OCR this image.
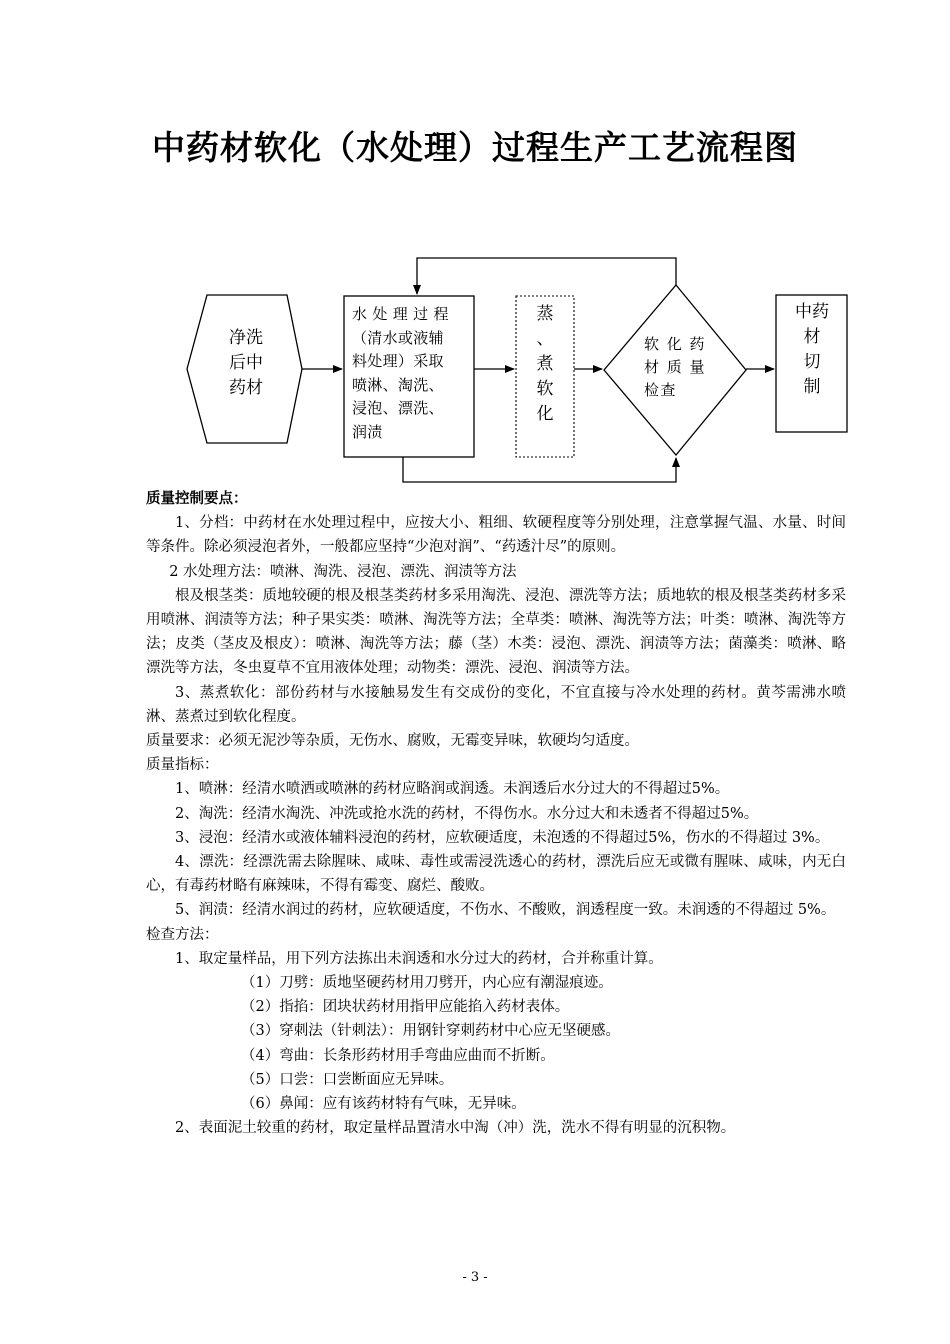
中药材软化（水处理）过程生产工艺流程图
净洗
后中
药材
水 处 理 过 程
（清水或液辅
料处理）采取
喷淋、淘洗、
浸泡、漂洗、
润渍
蒸
、
煮
软
化
软 化 药
材 质 量
检查
中药
材
切
制

质量控制要点：

1、分档：中药材在水处理过程中，应按大小、粗细、软硬程度等分别处理，注意掌握气温、水量、时间等条件。除必须浸泡者外，一般都应坚持“少泡对润”、“药透汁尽”的原则。

2 水处理方法：喷淋、淘洗、浸泡、漂洗、润渍等方法

根及根茎类：质地较硬的根及根茎类药材多采用淘洗、浸泡、漂洗等方法；质地软的根及根茎类药材多采用喷淋、润渍等方法；种子果实类：喷淋、淘洗等方法；全草类：喷淋、淘洗等方法；叶类：喷淋、淘洗等方法；皮类（茎皮及根皮）：喷淋、淘洗等方法；藤（茎）木类：浸泡、漂洗、润渍等方法；菌藻类：喷淋、略漂洗等方法，冬虫夏草不宜用液体处理；动物类：漂洗、浸泡、润渍等方法。

3、蒸煮软化：部份药材与水接触易发生有交成份的变化，不宜直接与冷水处理的药材。黄芩需沸水喷淋、蒸煮过到软化程度。

质量要求：必须无泥沙等杂质，无伤水、腐败，无霉变异味，软硬均匀适度。

质量指标：

1、喷淋：经清水喷洒或喷淋的药材应略润或润透。未润透后水分过大的不得超过5%。

2、淘洗：经清水淘洗、冲洗或抢水洗的药材，不得伤水。水分过大和未透者不得超过5%。

3、浸泡：经清水或液体辅料浸泡的药材，应软硬适度，未泡透的不得超过5%，伤水的不得超过 3%。

4、漂洗：经漂洗需去除腥味、咸味、毒性或需浸洗透心的药材，漂洗后应无或微有腥味、咸味，内无白心，有毒药材略有麻辣味，不得有霉变、腐烂、酸败。

5、润渍：经清水润过的药材，应软硬适度，不伤水、不酸败，润透程度一致。未润透的不得超过 5%。

检查方法：

1、取定量样品，用下列方法拣出未润透和水分过大的药材，合并称重计算。

（1）刀劈：质地坚硬药材用刀劈开，内心应有潮湿痕迹。

（2）指掐：团块状药材用指甲应能掐入药材表体。

（3）穿刺法（针刺法）：用钢针穿刺药材中心应无坚硬感。

（4）弯曲：长条形药材用手弯曲应曲而不折断。

（5）口尝：口尝断面应无异味。

（6）鼻闻：应有该药材特有气味，无异味。

2、表面泥土较重的药材，取定量样品置清水中淘（冲）洗，洗水不得有明显的沉积物。

- 3 -
